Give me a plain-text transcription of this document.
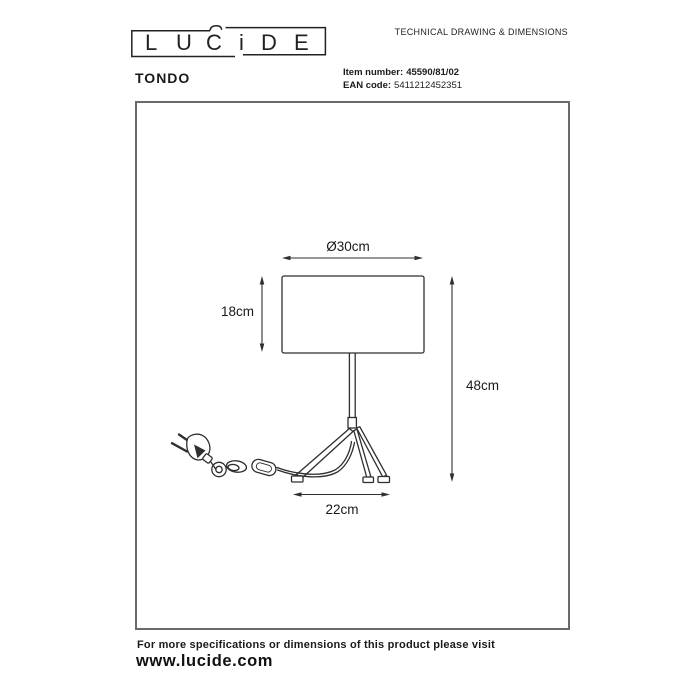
L U C i D E
TONDO
TECHNICAL DRAWING & DIMENSIONS
Item number: 45590/81/02
EAN code: 5411212452351
Ø30cm
18cm
48cm
22cm
For more specifications or dimensions of this product please visit
www.lucide.com
